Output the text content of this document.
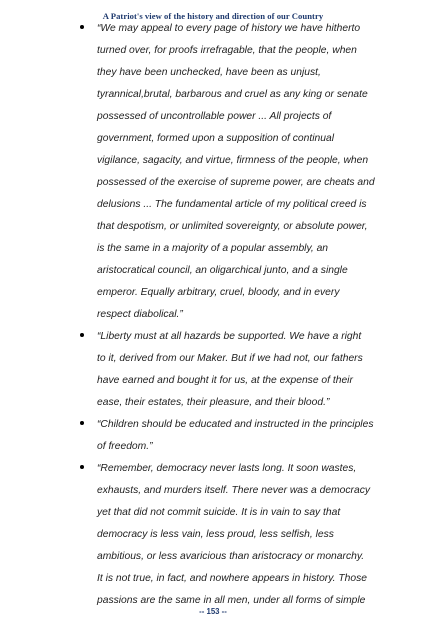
A Patriot's view of the history and direction of our Country

“We may appeal to every page of history we have hitherto
turned over, for proofs irrefragable, that the people, when
they have been unchecked, have been as unjust,
tyrannical,brutal, barbarous and cruel as any king or senate
possessed of uncontrollable power ... All projects of
government, formed upon a supposition of continual
vigilance, sagacity, and virtue, firmness of the people, when
possessed of the exercise of supreme power, are cheats and
delusions ... The fundamental article of my political creed is
that despotism, or unlimited sovereignty, or absolute power,
is the same in a majority of a popular assembly, an
aristocratical council, an oligarchical junto, and a single
emperor. Equally arbitrary, cruel, bloody, and in every
respect diabolical.”

“Liberty must at all hazards be supported. We have a right
to it, derived from our Maker. But if we had not, our fathers
have earned and bought it for us, at the expense of their
ease, their estates, their pleasure, and their blood.”

“Children should be educated and instructed in the principles
of freedom.”

“Remember, democracy never lasts long. It soon wastes,
exhausts, and murders itself. There never was a democracy
yet that did not commit suicide. It is in vain to say that
democracy is less vain, less proud, less selfish, less
ambitious, or less avaricious than aristocracy or monarchy.
It is not true, in fact, and nowhere appears in history. Those
passions are the same in all men, under all forms of simple

-- 153 --
